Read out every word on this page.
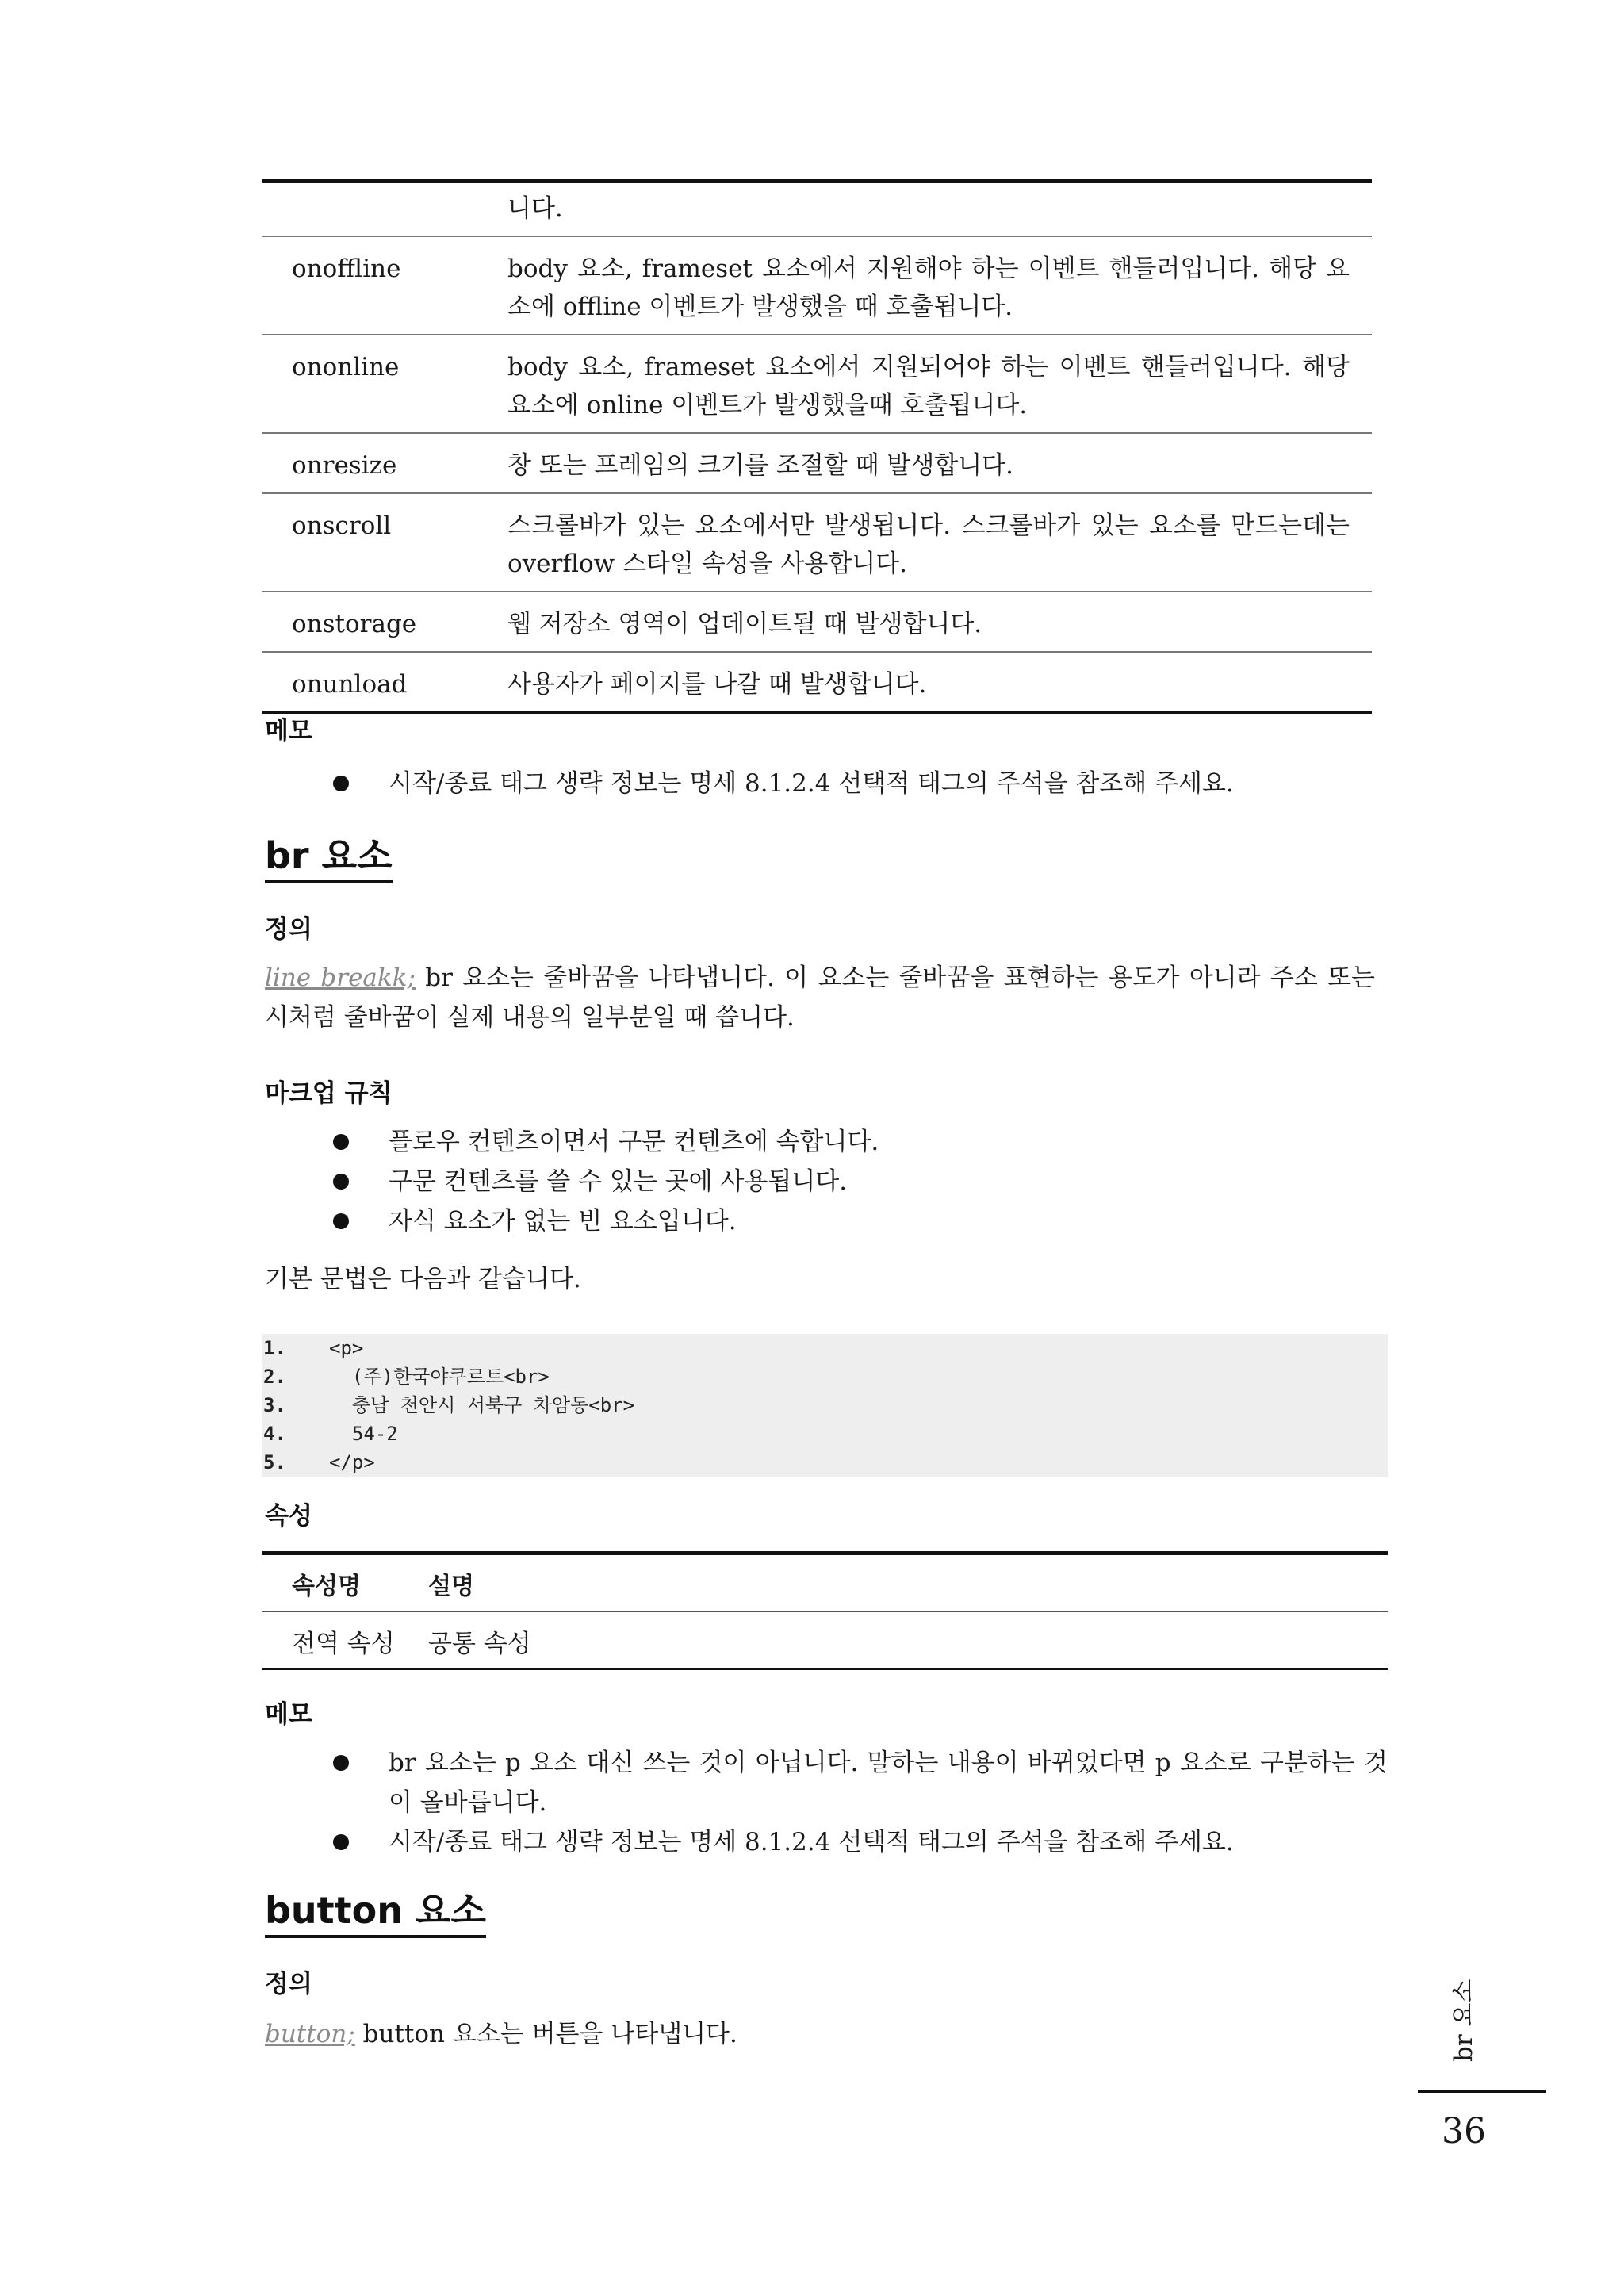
니다.
onoffline	body 요소, frameset 요소에서 지원해야 하는 이벤트 핸들러입니다. 해당 요소에 offline 이벤트가 발생했을 때 호출됩니다.
ononline	body 요소, frameset 요소에서 지원되어야 하는 이벤트 핸들러입니다. 해당 요소에 online 이벤트가 발생했을때 호출됩니다.
onresize	창 또는 프레임의 크기를 조절할 때 발생합니다.
onscroll	스크롤바가 있는 요소에서만 발생됩니다. 스크롤바가 있는 요소를 만드는데는 overflow 스타일 속성을 사용합니다.
onstorage	웹 저장소 영역이 업데이트될 때 발생합니다.
onunload	사용자가 페이지를 나갈 때 발생합니다.
메모
시작/종료 태그 생략 정보는 명세 8.1.2.4 선택적 태그의 주석을 참조해 주세요.
br 요소
정의
line breakk; br 요소는 줄바꿈을 나타냅니다. 이 요소는 줄바꿈을 표현하는 용도가 아니라 주소 또는 시처럼 줄바꿈이 실제 내용의 일부분일 때 씁니다.
마크업 규칙
플로우 컨텐츠이면서 구문 컨텐츠에 속합니다.
구문 컨텐츠를 쓸 수 있는 곳에 사용됩니다.
자식 요소가 없는 빈 요소입니다.
기본 문법은 다음과 같습니다.
1.	<p>
2.	(주)한국야쿠르트<br>
3.	충남 천안시 서북구 차암동<br>
4.	54-2
5.	</p>
속성
속성명	설명
전역 속성	공통 속성
메모
br 요소는 p 요소 대신 쓰는 것이 아닙니다. 말하는 내용이 바뀌었다면 p 요소로 구분하는 것이 올바릅니다.
시작/종료 태그 생략 정보는 명세 8.1.2.4 선택적 태그의 주석을 참조해 주세요.
button 요소
정의
button; button 요소는 버튼을 나타냅니다.	br 요소
36
